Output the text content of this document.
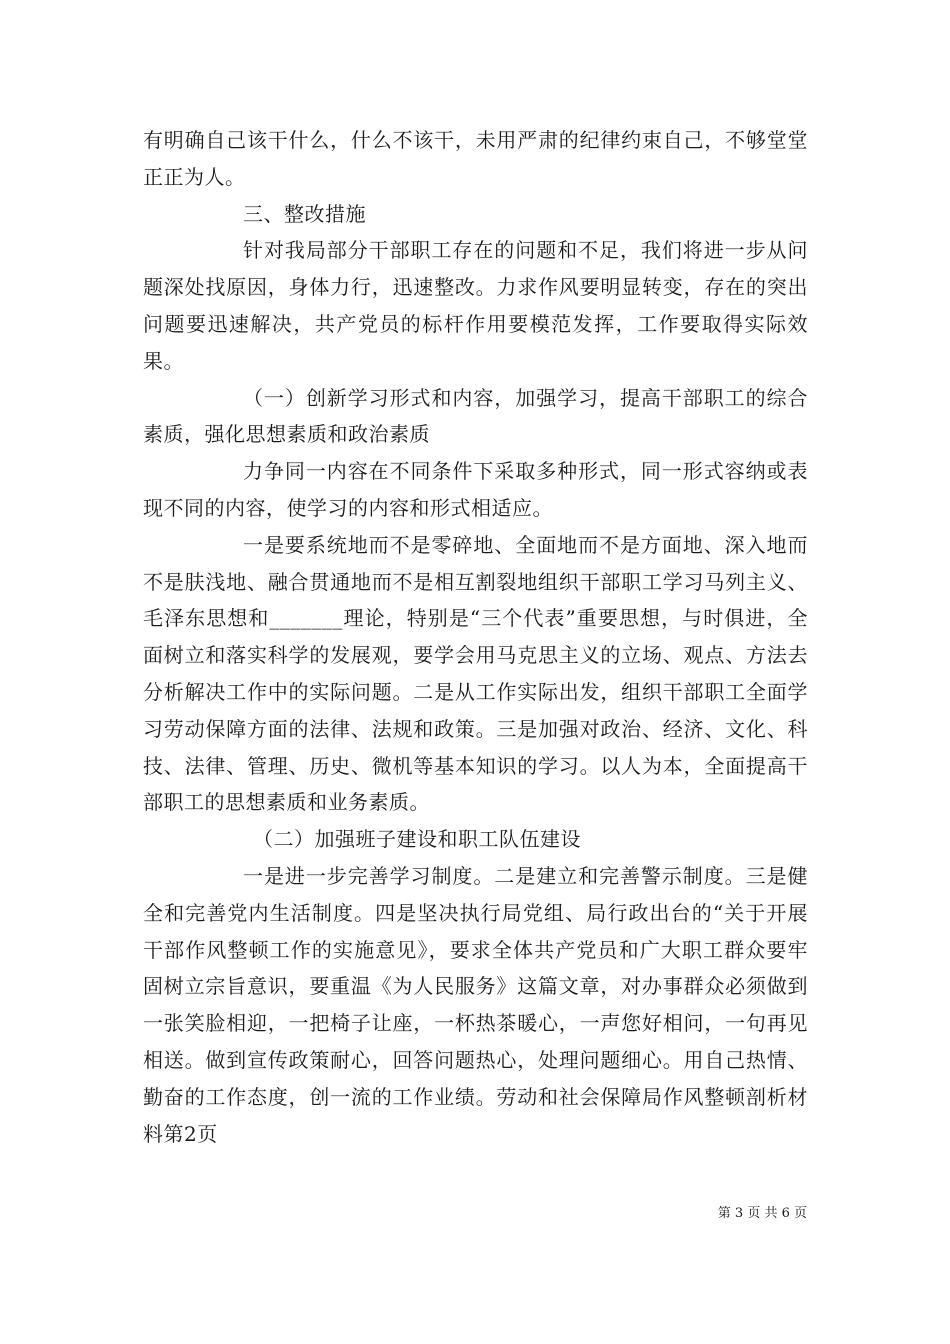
有明确自己该干什么，什么不该干，未用严肃的纪律约束自己，不够堂堂正正为人。

三、整改措施

针对我局部分干部职工存在的问题和不足，我们将进一步从问题深处找原因，身体力行，迅速整改。力求作风要明显转变，存在的突出问题要迅速解决，共产党员的标杆作用要模范发挥，工作要取得实际效果。

（一）创新学习形式和内容，加强学习，提高干部职工的综合素质，强化思想素质和政治素质

力争同一内容在不同条件下采取多种形式，同一形式容纳或表现不同的内容，使学习的内容和形式相适应。

一是要系统地而不是零碎地、全面地而不是方面地、深入地而不是肤浅地、融合贯通地而不是相互割裂地组织干部职工学习马列主义、毛泽东思想和_______理论，特别是“三个代表”重要思想，与时俱进，全面树立和落实科学的发展观，要学会用马克思主义的立场、观点、方法去分析解决工作中的实际问题。二是从工作实际出发，组织干部职工全面学习劳动保障方面的法律、法规和政策。三是加强对政治、经济、文化、科技、法律、管理、历史、微机等基本知识的学习。以人为本，全面提高干部职工的思想素质和业务素质。

（二）加强班子建设和职工队伍建设

一是进一步完善学习制度。二是建立和完善警示制度。三是健全和完善党内生活制度。四是坚决执行局党组、局行政出台的“关于开展干部作风整顿工作的实施意见》，要求全体共产党员和广大职工群众要牢固树立宗旨意识，要重温《为人民服务》这篇文章，对办事群众必须做到一张笑脸相迎，一把椅子让座，一杯热茶暖心，一声您好相问，一句再见相送。做到宣传政策耐心，回答问题热心，处理问题细心。用自己热情、勤奋的工作态度，创一流的工作业绩。劳动和社会保障局作风整顿剖析材料第2页

第 3 页 共 6 页
